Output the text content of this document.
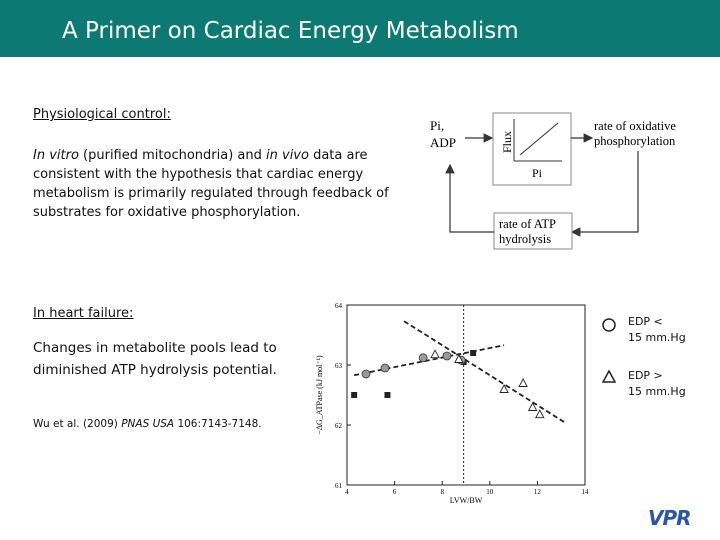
A Primer on Cardiac Energy Metabolism
Physiological control:
In vitro (purified mitochondria) and in vivo data are consistent with the hypothesis that cardiac energy metabolism is primarily regulated through feedback of substrates for oxidative phosphorylation.
Pi,
ADP	Flux
Pi
rate of oxidative
phosphorylation
rate of ATP
hydrolysis
In heart failure:
Changes in metabolite pools lead to diminished ATP hydrolysis potential.
Wu et al. (2009) PNAS USA 106:7143-7148.
4	6	8	10	12	14
61
62
63
64
LVW/BW
−ΔG_ATPase (kJ mol⁻¹)
EDP <
15 mm.Hg
EDP >
15 mm.Hg
VPR
